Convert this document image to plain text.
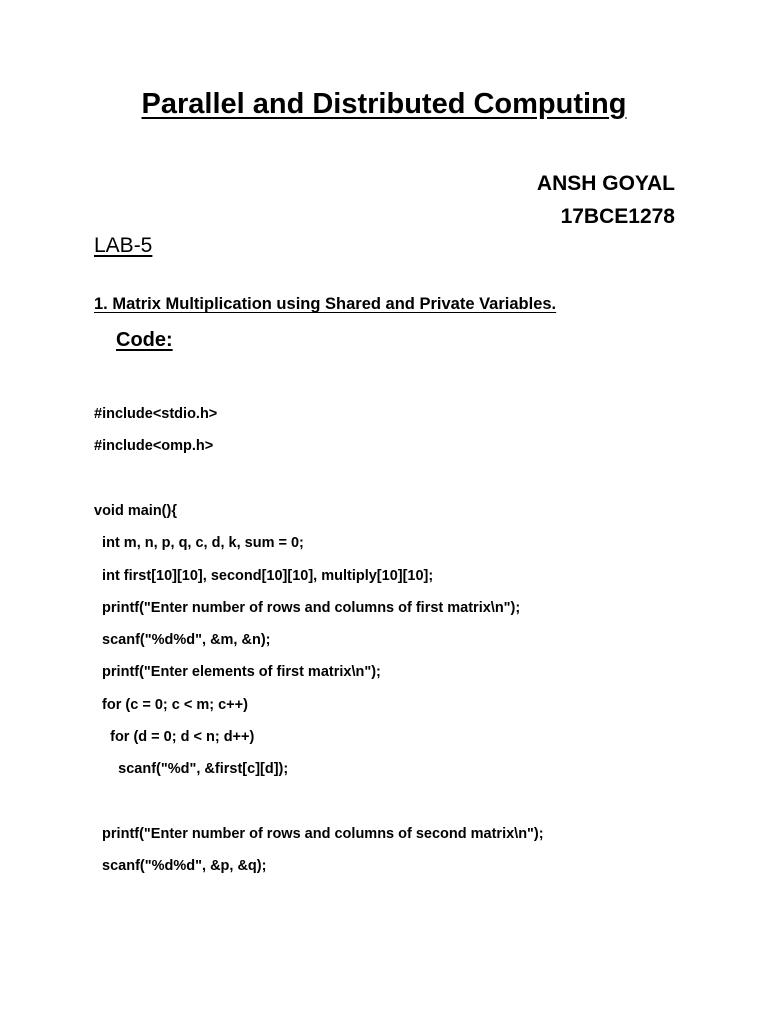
Parallel and Distributed Computing
ANSH GOYAL
17BCE1278
LAB-5
1. Matrix Multiplication using Shared and Private Variables.
Code:
#include<stdio.h>
#include<omp.h>
void main(){
int m, n, p, q, c, d, k, sum = 0;
int first[10][10], second[10][10], multiply[10][10];
printf("Enter number of rows and columns of first matrix\n");
scanf("%d%d", &m, &n);
printf("Enter elements of first matrix\n");
for (c = 0; c < m; c++)
for (d = 0; d < n; d++)
scanf("%d", &first[c][d]);
printf("Enter number of rows and columns of second matrix\n");
scanf("%d%d", &p, &q);
